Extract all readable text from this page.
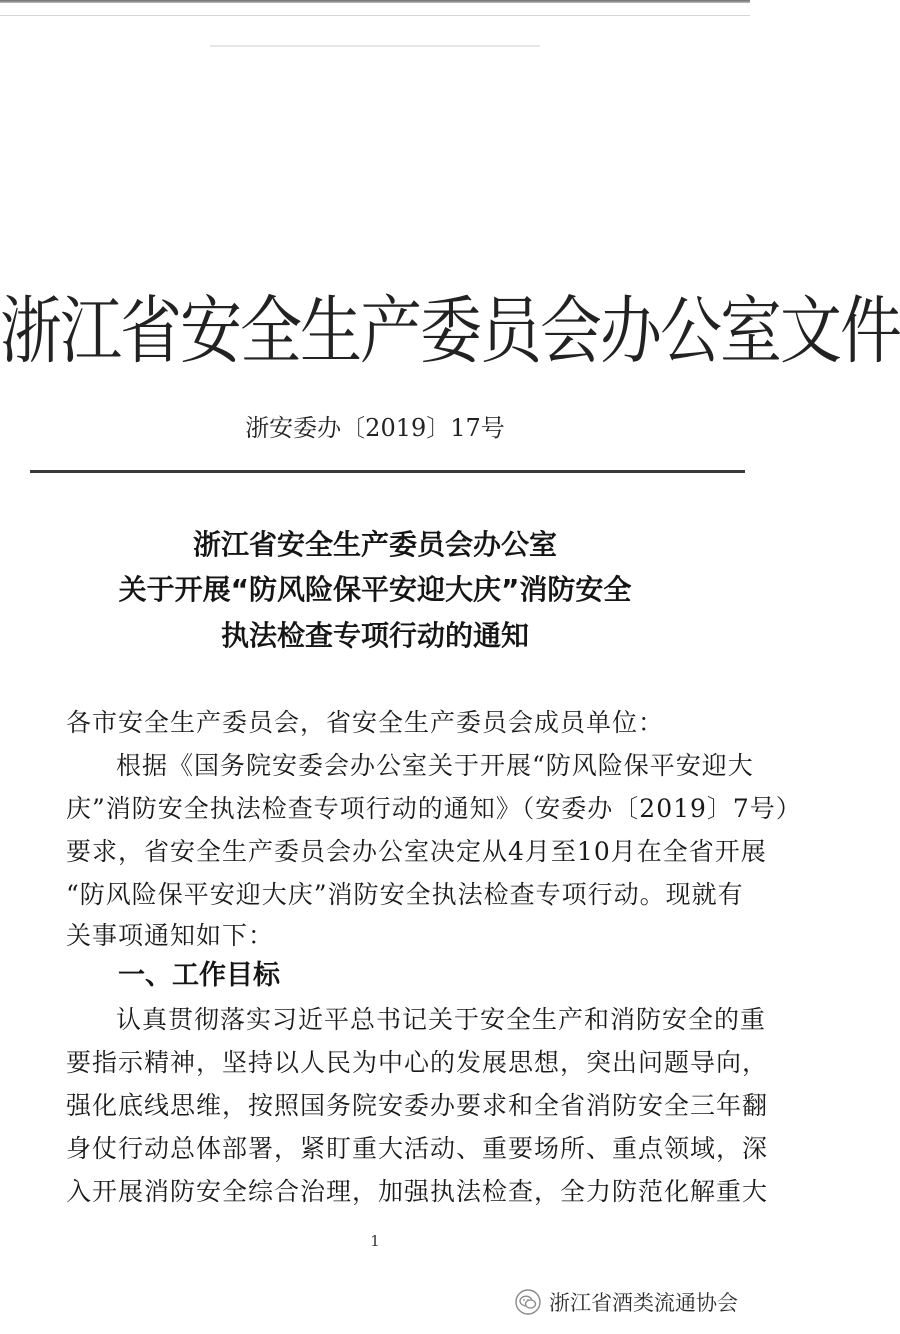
浙江省安全生产委员会办公室文件
浙安委办〔2019〕17号
浙江省安全生产委员会办公室
关于开展“防风险保平安迎大庆”消防安全
执法检查专项行动的通知
各市安全生产委员会，省安全生产委员会成员单位：
根据《国务院安委会办公室关于开展“防风险保平安迎大
庆”消防安全执法检查专项行动的通知》（安委办〔2019〕7号）
要求，省安全生产委员会办公室决定从4月至10月在全省开展
“防风险保平安迎大庆”消防安全执法检查专项行动。现就有
关事项通知如下：
一、工作目标
认真贯彻落实习近平总书记关于安全生产和消防安全的重
要指示精神，坚持以人民为中心的发展思想，突出问题导向，
强化底线思维，按照国务院安委办要求和全省消防安全三年翻
身仗行动总体部署，紧盯重大活动、重要场所、重点领域，深
入开展消防安全综合治理，加强执法检查，全力防范化解重大
1
浙江省酒类流通协会
